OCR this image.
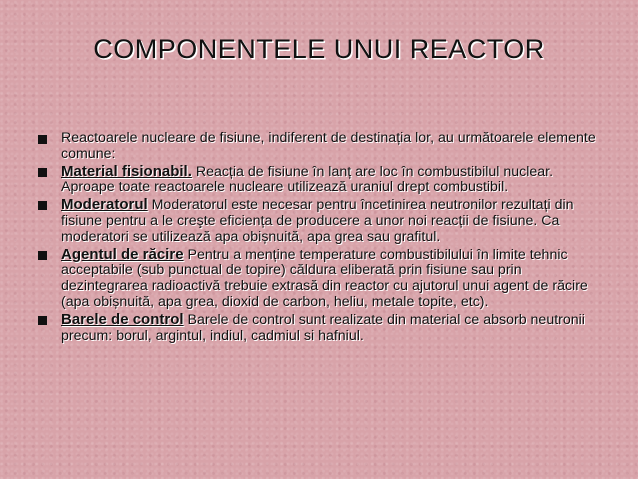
COMPONENTELE UNUI REACTOR
Reactoarele nucleare de fisiune, indiferent de destinația lor, au următoarele elemente comune:
Material fisionabil. Reacția de fisiune în lanț are loc în combustibilul nuclear. Aproape toate reactoarele nucleare utilizează uraniul drept combustibil.
Moderatorul Moderatorul este necesar pentru încetinirea neutronilor rezultați din fisiune pentru a le creşte eficiența de producere a unor noi reacții de fisiune. Ca moderatori se utilizează apa obișnuită, apa grea sau grafitul.
Agentul de răcire Pentru a menține temperature combustibilului în limite tehnic acceptabile (sub punctual de topire) căldura eliberată prin fisiune sau prin dezintegrarea radioactivă trebuie extrasă din reactor cu ajutorul unui agent de răcire (apa obișnuită, apa grea, dioxid de carbon, heliu, metale topite, etc).
Barele de control Barele de control sunt realizate din material ce absorb neutronii precum: borul, argintul, indiul, cadmiul si hafniul.
